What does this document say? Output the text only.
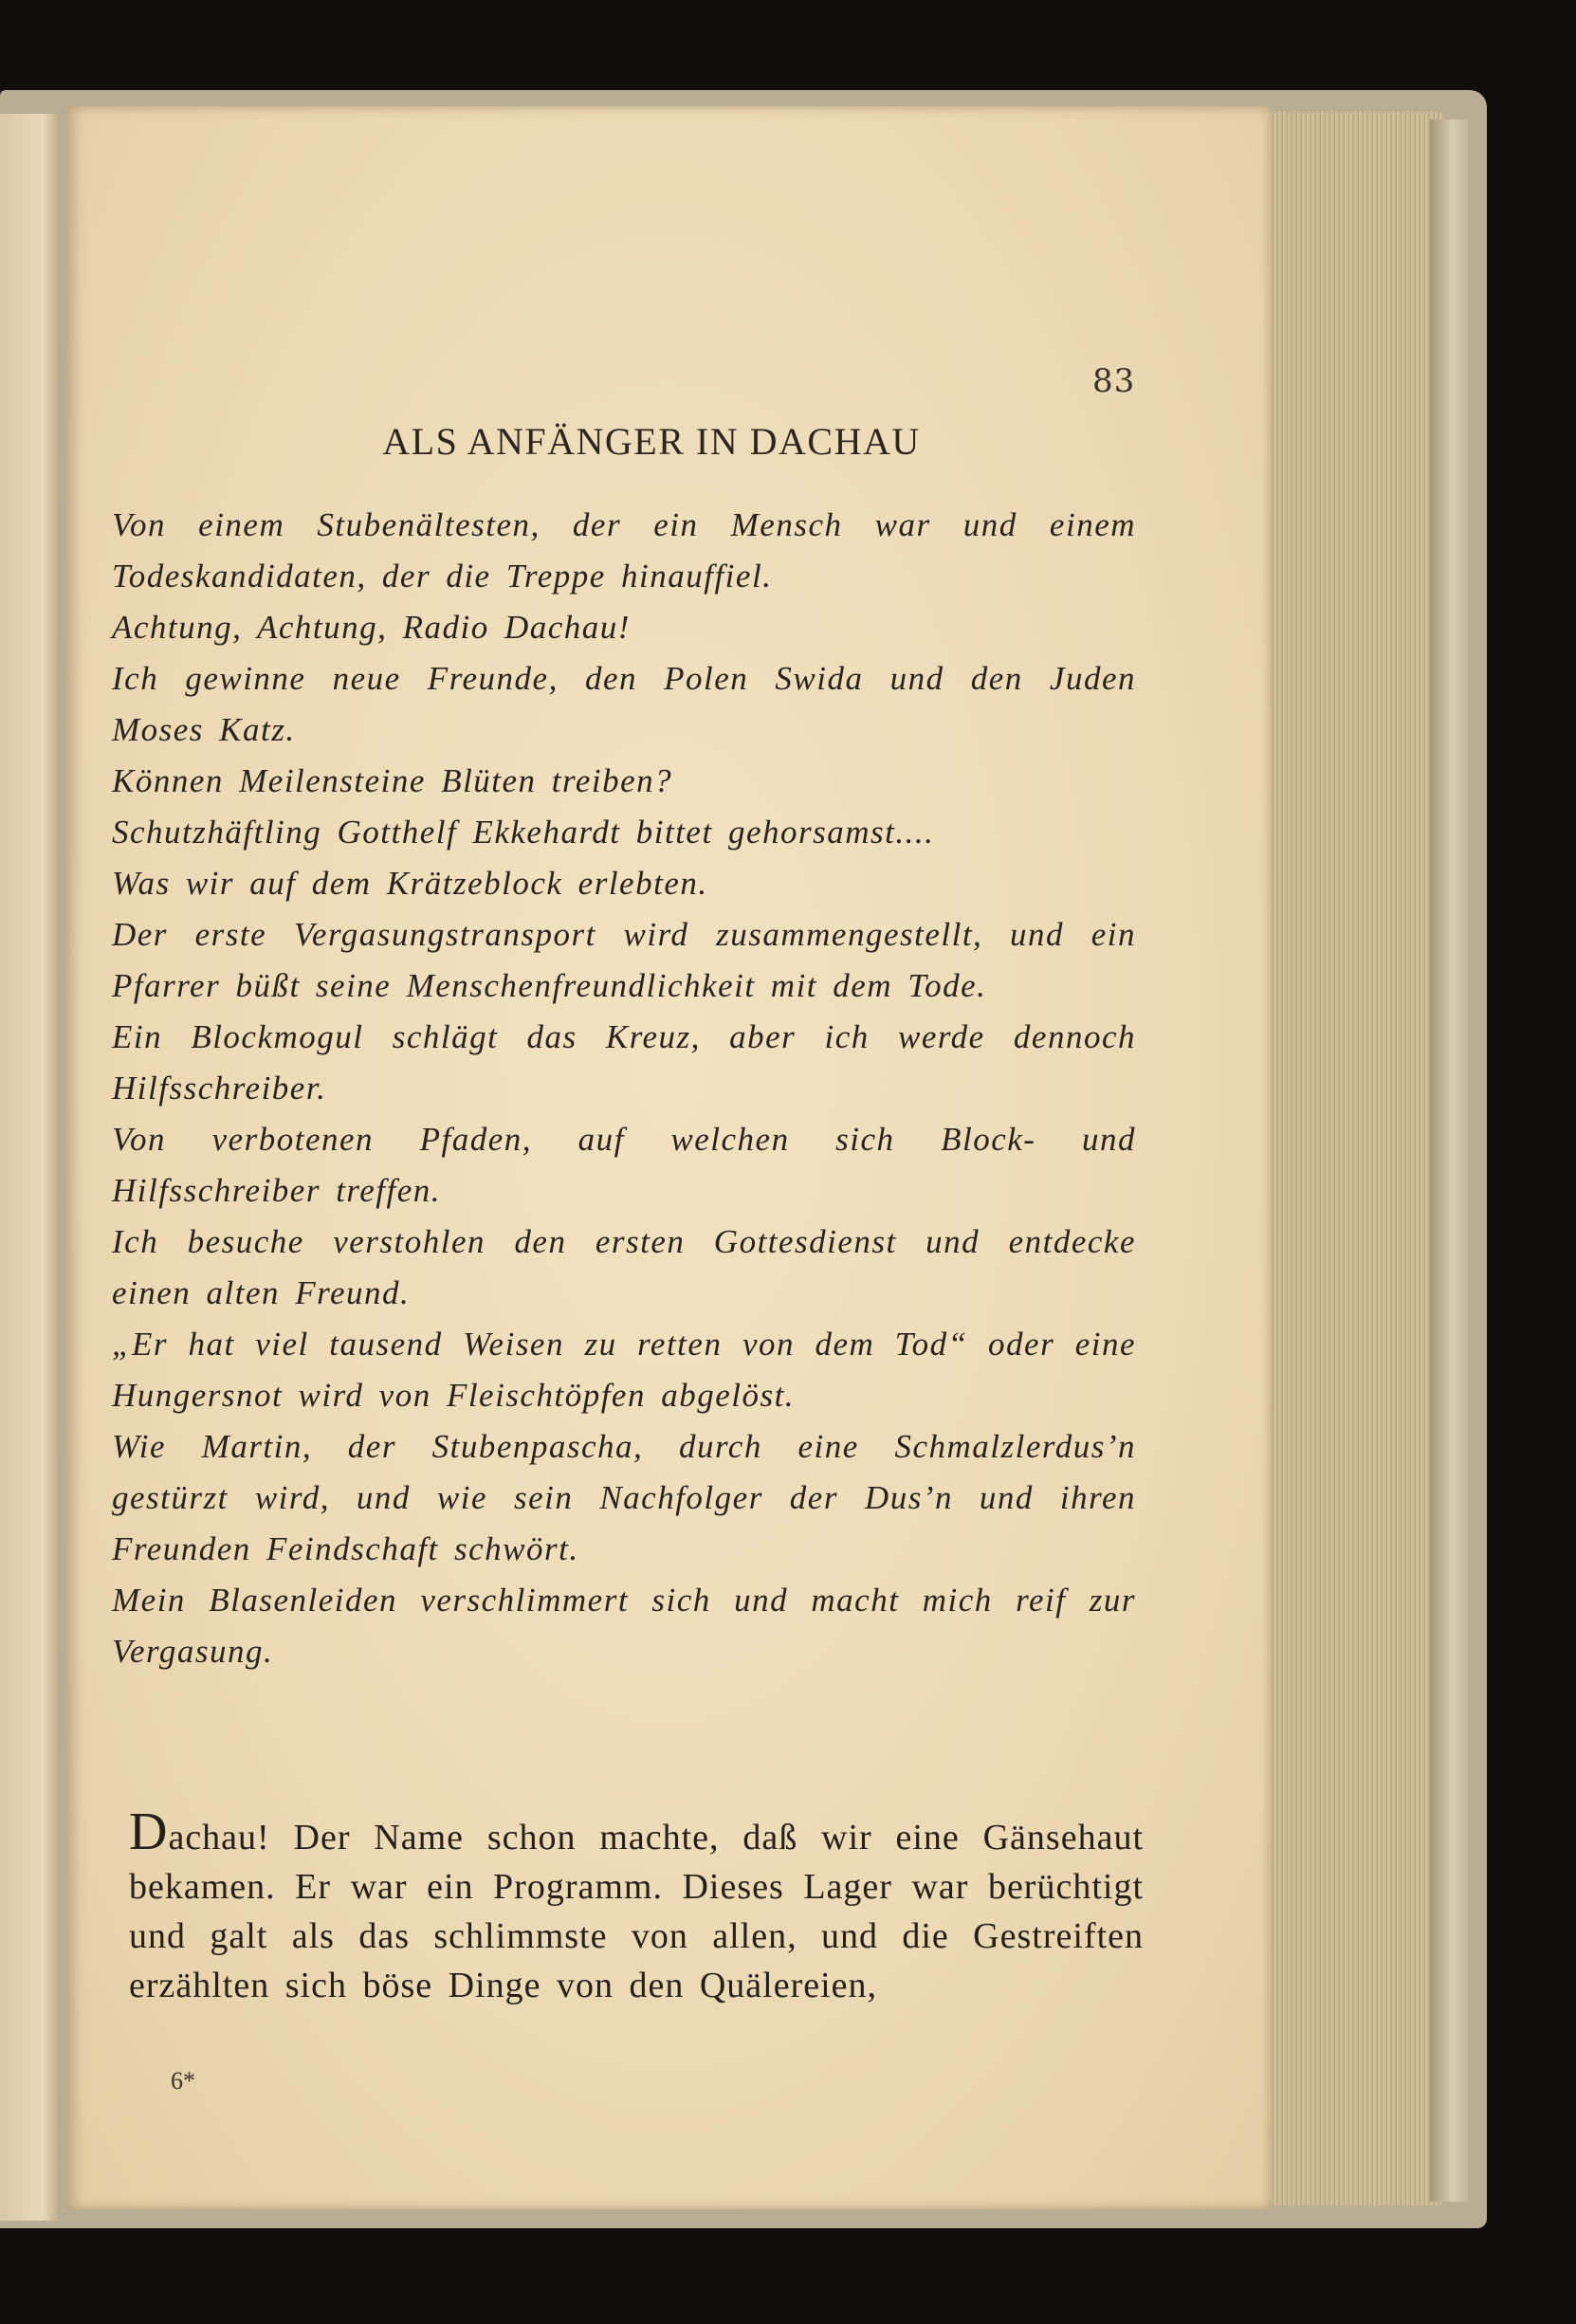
83

ALS ANFÄNGER IN DACHAU
Von einem Stubenältesten, der ein Mensch war und einem Todeskandidaten, der die Treppe hinauffiel.
Achtung, Achtung, Radio Dachau!
Ich gewinne neue Freunde, den Polen Swida und den Juden Moses Katz.
Können Meilensteine Blüten treiben?
Schutzhäftling Gotthelf Ekkehardt bittet gehorsamst....
Was wir auf dem Krätzeblock erlebten.
Der erste Vergasungstransport wird zusammengestellt, und ein Pfarrer büßt seine Menschenfreundlichkeit mit dem Tode.
Ein Blockmogul schlägt das Kreuz, aber ich werde dennoch Hilfsschreiber.
Von verbotenen Pfaden, auf welchen sich Block- und Hilfsschreiber treffen.
Ich besuche verstohlen den ersten Gottesdienst und entdecke einen alten Freund.
„Er hat viel tausend Weisen zu retten von dem Tod“ oder eine Hungersnot wird von Fleischtöpfen abgelöst.
Wie Martin, der Stubenpascha, durch eine Schmalzlerdus’n gestürzt wird, und wie sein Nachfolger der Dus’n und ihren Freunden Feindschaft schwört.
Mein Blasenleiden verschlimmert sich und macht mich reif zur Vergasung.

Dachau! Der Name schon machte, daß wir eine Gänsehaut bekamen. Er war ein Programm. Dieses Lager war berüchtigt und galt als das schlimmste von allen, und die Gestreiften erzählten sich böse Dinge von den Quälereien,

6*
